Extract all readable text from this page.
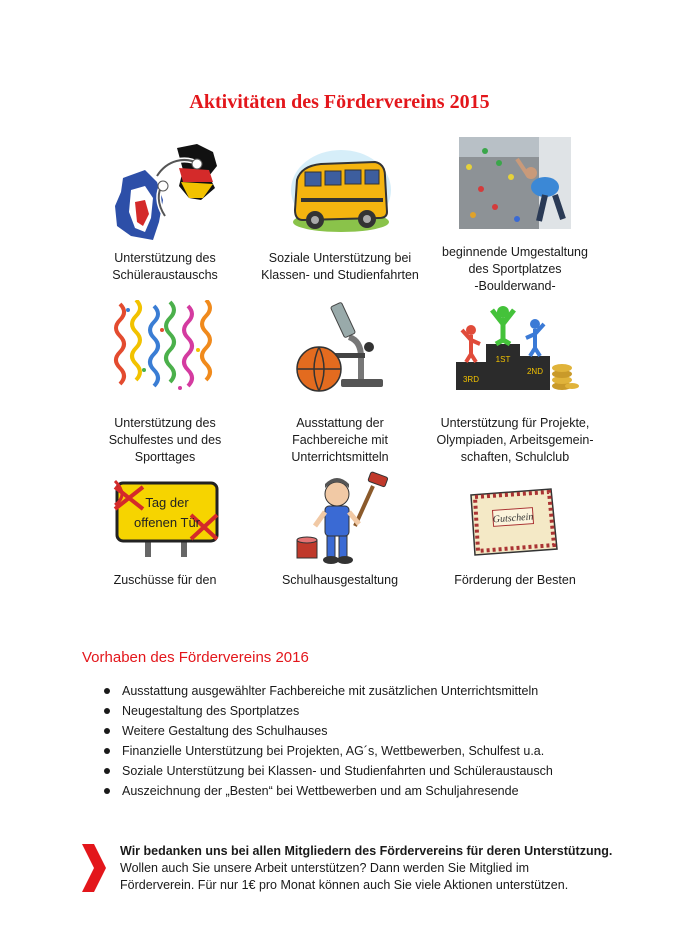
Aktivitäten des Fördervereins 2015
Unterstützung des
Schüleraustauschs
Soziale Unterstützung bei
Klassen- und Studienfahrten
beginnende Umgestaltung
des Sportplatzes
-Boulderwand-
Unterstützung des
Schulfestes und des
Sporttages
Ausstattung der
Fachbereiche mit
Unterrichtsmitteln
3RD
1ST
2ND
Unterstützung für Projekte,
Olympiaden, Arbeitsgemein-
schaften, Schulclub
Tag der
offenen Tür
Zuschüsse für den	Schulhausgestaltung
Gutschein
Förderung der Besten
Vorhaben des Fördervereins 2016
Ausstattung ausgewählter Fachbereiche mit zusätzlichen Unterrichtsmitteln
Neugestaltung des Sportplatzes
Weitere Gestaltung des Schulhauses
Finanzielle Unterstützung bei Projekten, AG´s, Wettbewerben, Schulfest u.a.
Soziale Unterstützung bei Klassen- und Studienfahrten und Schüleraustausch
Auszeichnung der „Besten“ bei Wettbewerben und am Schuljahresende
Wir bedanken uns bei allen Mitgliedern des Fördervereins für deren Unterstützung.
Wollen auch Sie unsere Arbeit unterstützen? Dann werden Sie Mitglied im
Förderverein. Für nur 1€ pro Monat können auch Sie viele Aktionen unterstützen.
